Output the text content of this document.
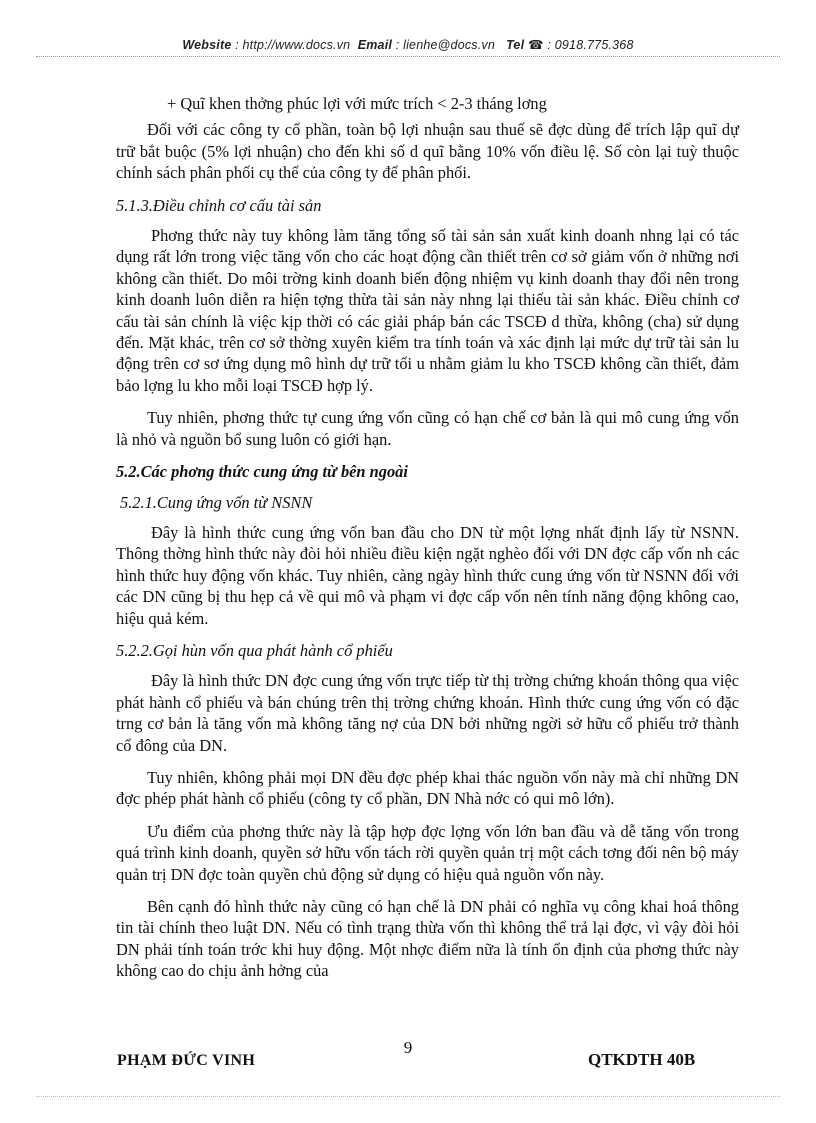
Website : http://www.docs.vn Email : lienhe@docs.vn Tel ☎ : 0918.775.368
+ Quĩ khen thởng phúc lợi với mức trích < 2-3 tháng lơng

Đối với các công ty cổ phần, toàn bộ lợi nhuận sau thuế sẽ đợc dùng để trích lập quĩ dự trữ bắt buộc (5% lợi nhuận) cho đến khi số d quĩ bằng 10% vốn điều lệ. Số còn lại tuỳ thuộc chính sách phân phối cụ thể của công ty để phân phối.

5.1.3.Điều chỉnh cơ cấu tài sản

Phơng thức này tuy không làm tăng tổng số tài sản sản xuất kinh doanh nhng lại có tác dụng rất lớn trong việc tăng vốn cho các hoạt động cần thiết trên cơ sở giảm vốn ở những nơi không cần thiết. Do môi trờng kinh doanh biến động nhiệm vụ kinh doanh thay đổi nên trong kinh doanh luôn diễn ra hiện tợng thừa tài sản này nhng lại thiếu tài sản khác. Điều chỉnh cơ cấu tài sản chính là việc kịp thời có các giải pháp bán các TSCĐ d thừa, không (cha) sử dụng đến. Mặt khác, trên cơ sở thờng xuyên kiểm tra tính toán và xác định lại mức dự trữ tài sản lu động trên cơ sơ ứng dụng mô hình dự trữ tối u nhằm giảm lu kho TSCĐ không cần thiết, đảm bảo lợng lu kho mỗi loại TSCĐ hợp lý.

Tuy nhiên, phơng thức tự cung ứng vốn cũng có hạn chế cơ bản là qui mô cung ứng vốn là nhỏ và nguồn bổ sung luôn có giới hạn.

5.2.Các phơng thức cung ứng từ bên ngoài
5.2.1.Cung ứng vốn từ NSNN

Đây là hình thức cung ứng vốn ban đầu cho DN từ một lợng nhất định lấy từ NSNN. Thông thờng hình thức này đòi hỏi nhiều điều kiện ngặt nghèo đối với DN đợc cấp vốn nh các hình thức huy động vốn khác. Tuy nhiên, càng ngày hình thức cung ứng vốn từ NSNN đối với các DN cũng bị thu hẹp cả về qui mô và phạm vi đợc cấp vốn nên tính năng động không cao, hiệu quả kém.

5.2.2.Gọi hùn vốn qua phát hành cổ phiếu

Đây là hình thức DN đợc cung ứng vốn trực tiếp từ thị trờng chứng khoán thông qua việc phát hành cổ phiếu và bán chúng trên thị trờng chứng khoán. Hình thức cung ứng vốn có đặc trng cơ bản là tăng vốn mà không tăng nợ của DN bởi những ngời sở hữu cổ phiếu trở thành cổ đông của DN.

Tuy nhiên, không phải mọi DN đều đợc phép khai thác nguồn vốn này mà chỉ những DN đợc phép phát hành cổ phiếu (công ty cổ phần, DN Nhà nớc có qui mô lớn).

Ưu điểm của phơng thức này là tập hợp đợc lợng vốn lớn ban đầu và dễ tăng vốn trong quá trình kinh doanh, quyền sở hữu vốn tách rời quyền quản trị một cách tơng đối nên bộ máy quản trị DN đợc toàn quyền chủ động sử dụng có hiệu quả nguồn vốn này.

Bên cạnh đó hình thức này cũng có hạn chế là DN phải có nghĩa vụ công khai hoá thông tin tài chính theo luật DN. Nếu có tình trạng thừa vốn thì không thể trả lại đợc, vì vậy đòi hỏi DN phải tính toán trớc khi huy động. Một nhợc điểm nữa là tính ổn định của phơng thức này không cao do chịu ảnh hởng của

9
PHẠM ĐỨC VINH	QTKDTH 40B
